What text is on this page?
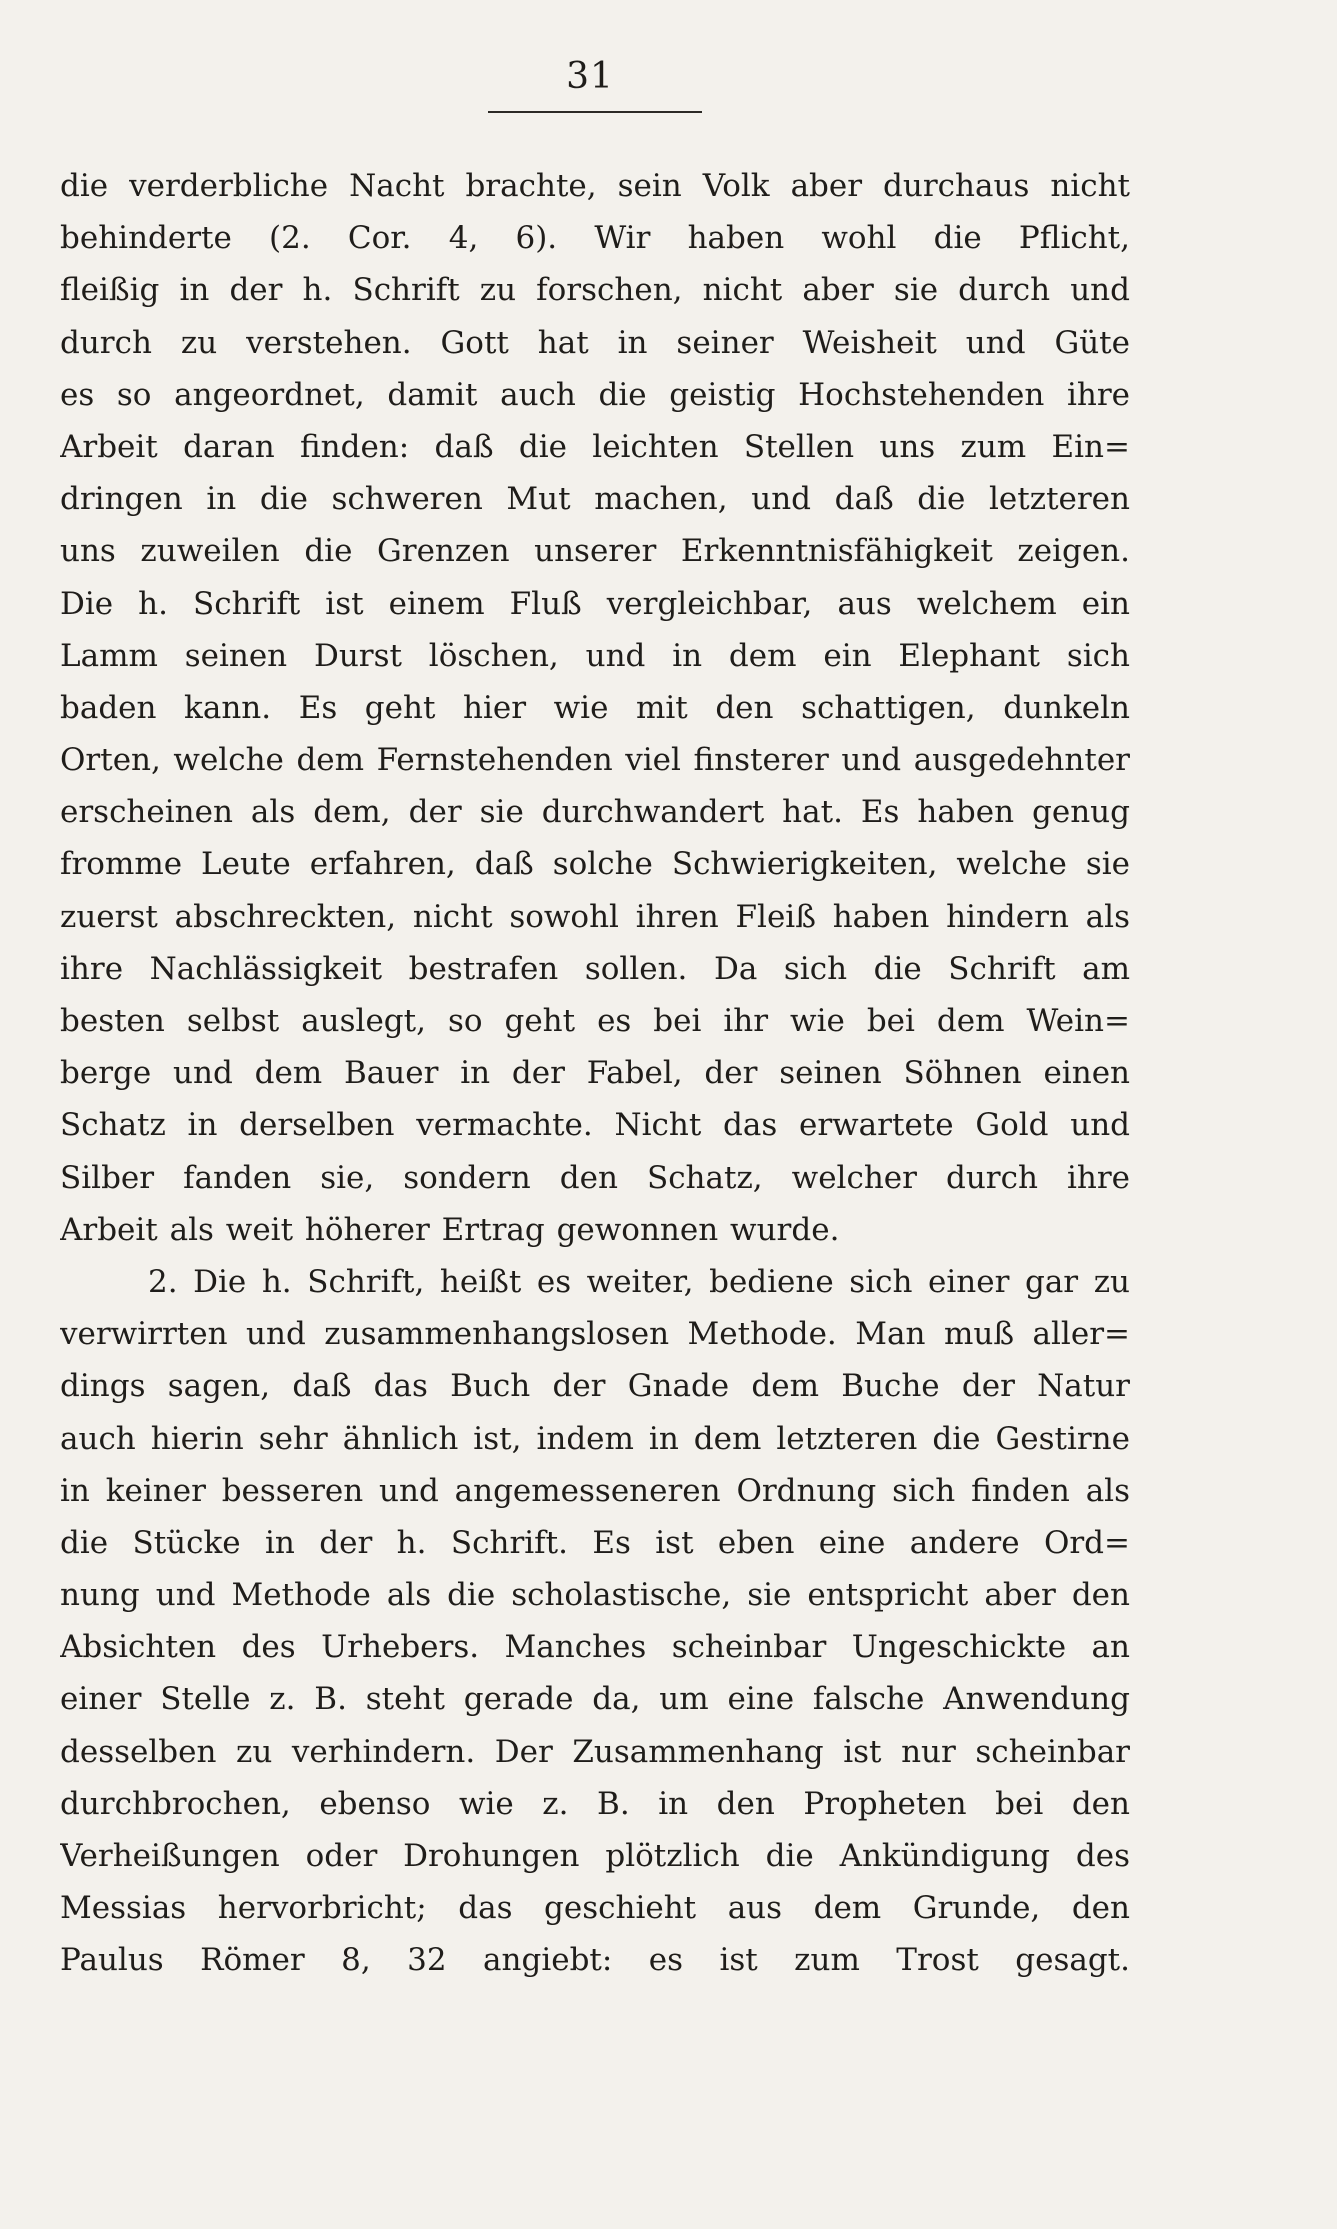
31
die verderbliche Nacht brachte, sein Volk aber durchaus nicht
behinderte (2. Cor. 4, 6). Wir haben wohl die Pflicht,
fleißig in der h. Schrift zu forschen, nicht aber sie durch und
durch zu verstehen. Gott hat in seiner Weisheit und Güte
es so angeordnet, damit auch die geistig Hochstehenden ihre
Arbeit daran finden: daß die leichten Stellen uns zum Ein=
dringen in die schweren Mut machen, und daß die letzteren
uns zuweilen die Grenzen unserer Erkenntnisfähigkeit zeigen.
Die h. Schrift ist einem Fluß vergleichbar, aus welchem ein
Lamm seinen Durst löschen, und in dem ein Elephant sich
baden kann. Es geht hier wie mit den schattigen, dunkeln
Orten, welche dem Fernstehenden viel finsterer und ausgedehnter
erscheinen als dem, der sie durchwandert hat. Es haben genug
fromme Leute erfahren, daß solche Schwierigkeiten, welche sie
zuerst abschreckten, nicht sowohl ihren Fleiß haben hindern als
ihre Nachlässigkeit bestrafen sollen. Da sich die Schrift am
besten selbst auslegt, so geht es bei ihr wie bei dem Wein=
berge und dem Bauer in der Fabel, der seinen Söhnen einen
Schatz in derselben vermachte. Nicht das erwartete Gold und
Silber fanden sie, sondern den Schatz, welcher durch ihre
Arbeit als weit höherer Ertrag gewonnen wurde.
2. Die h. Schrift, heißt es weiter, bediene sich einer gar zu
verwirrten und zusammenhangslosen Methode. Man muß aller=
dings sagen, daß das Buch der Gnade dem Buche der Natur
auch hierin sehr ähnlich ist, indem in dem letzteren die Gestirne
in keiner besseren und angemesseneren Ordnung sich finden als
die Stücke in der h. Schrift. Es ist eben eine andere Ord=
nung und Methode als die scholastische, sie entspricht aber den
Absichten des Urhebers. Manches scheinbar Ungeschickte an
einer Stelle z. B. steht gerade da, um eine falsche Anwendung
desselben zu verhindern. Der Zusammenhang ist nur scheinbar
durchbrochen, ebenso wie z. B. in den Propheten bei den
Verheißungen oder Drohungen plötzlich die Ankündigung des
Messias hervorbricht; das geschieht aus dem Grunde, den
Paulus Römer 8, 32 angiebt: es ist zum Trost gesagt.
